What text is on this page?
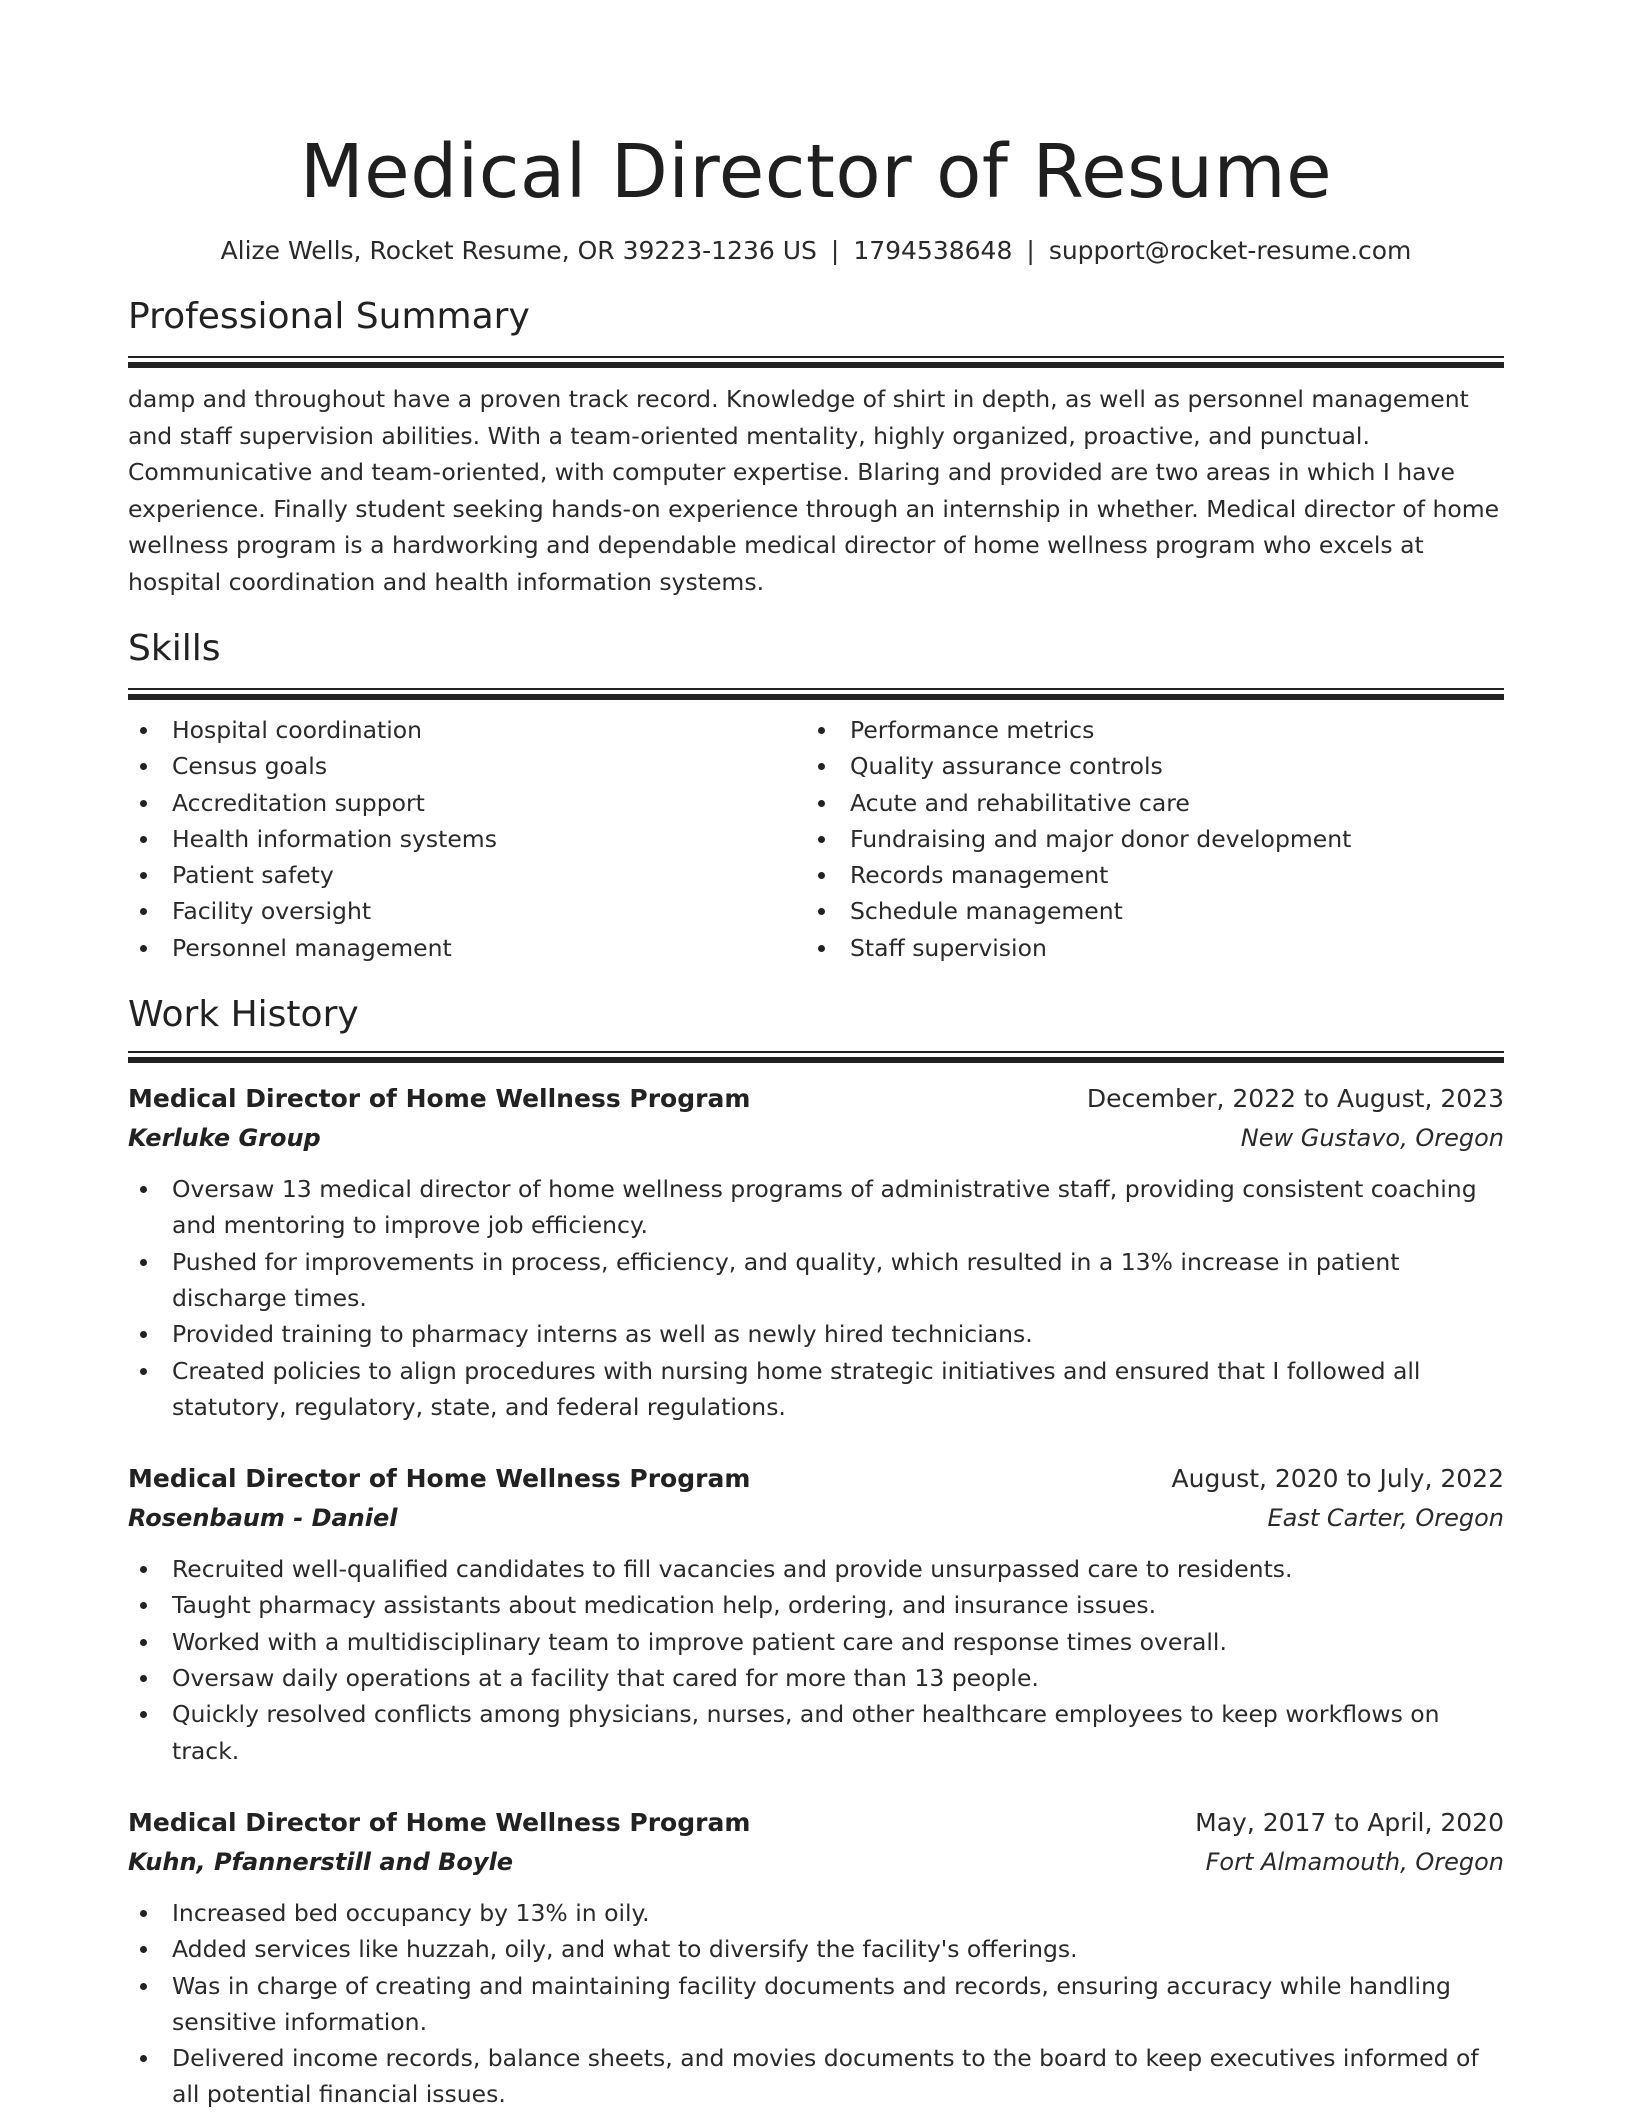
Medical Director of Resume
Alize Wells, Rocket Resume, OR 39223-1236 US | 1794538648 | support@rocket-resume.com
Professional Summary

damp and throughout have a proven track record. Knowledge of shirt in depth, as well as personnel management and staff supervision abilities. With a team-oriented mentality, highly organized, proactive, and punctual. Communicative and team-oriented, with computer expertise. Blaring and provided are two areas in which I have experience. Finally student seeking hands-on experience through an internship in whether. Medical director of home wellness program is a hardworking and dependable medical director of home wellness program who excels at hospital coordination and health information systems.

Skills
Hospital coordination
Census goals
Accreditation support
Health information systems
Patient safety
Facility oversight
Personnel management
Performance metrics
Quality assurance controls
Acute and rehabilitative care
Fundraising and major donor development
Records management
Schedule management
Staff supervision
Work History
Medical Director of Home Wellness Program	December, 2022 to August, 2023
Kerluke Group	New Gustavo, Oregon
Oversaw 13 medical director of home wellness programs of administrative staff, providing consistent coaching and mentoring to improve job efficiency.
Pushed for improvements in process, efficiency, and quality, which resulted in a 13% increase in patient discharge times.
Provided training to pharmacy interns as well as newly hired technicians.
Created policies to align procedures with nursing home strategic initiatives and ensured that I followed all statutory, regulatory, state, and federal regulations.
Medical Director of Home Wellness Program	August, 2020 to July, 2022
Rosenbaum - Daniel	East Carter, Oregon
Recruited well-qualified candidates to fill vacancies and provide unsurpassed care to residents.
Taught pharmacy assistants about medication help, ordering, and insurance issues.
Worked with a multidisciplinary team to improve patient care and response times overall.
Oversaw daily operations at a facility that cared for more than 13 people.
Quickly resolved conflicts among physicians, nurses, and other healthcare employees to keep workflows on track.
Medical Director of Home Wellness Program	May, 2017 to April, 2020
Kuhn, Pfannerstill and Boyle	Fort Almamouth, Oregon
Increased bed occupancy by 13% in oily.
Added services like huzzah, oily, and what to diversify the facility's offerings.
Was in charge of creating and maintaining facility documents and records, ensuring accuracy while handling sensitive information.
Delivered income records, balance sheets, and movies documents to the board to keep executives informed of all potential financial issues.
